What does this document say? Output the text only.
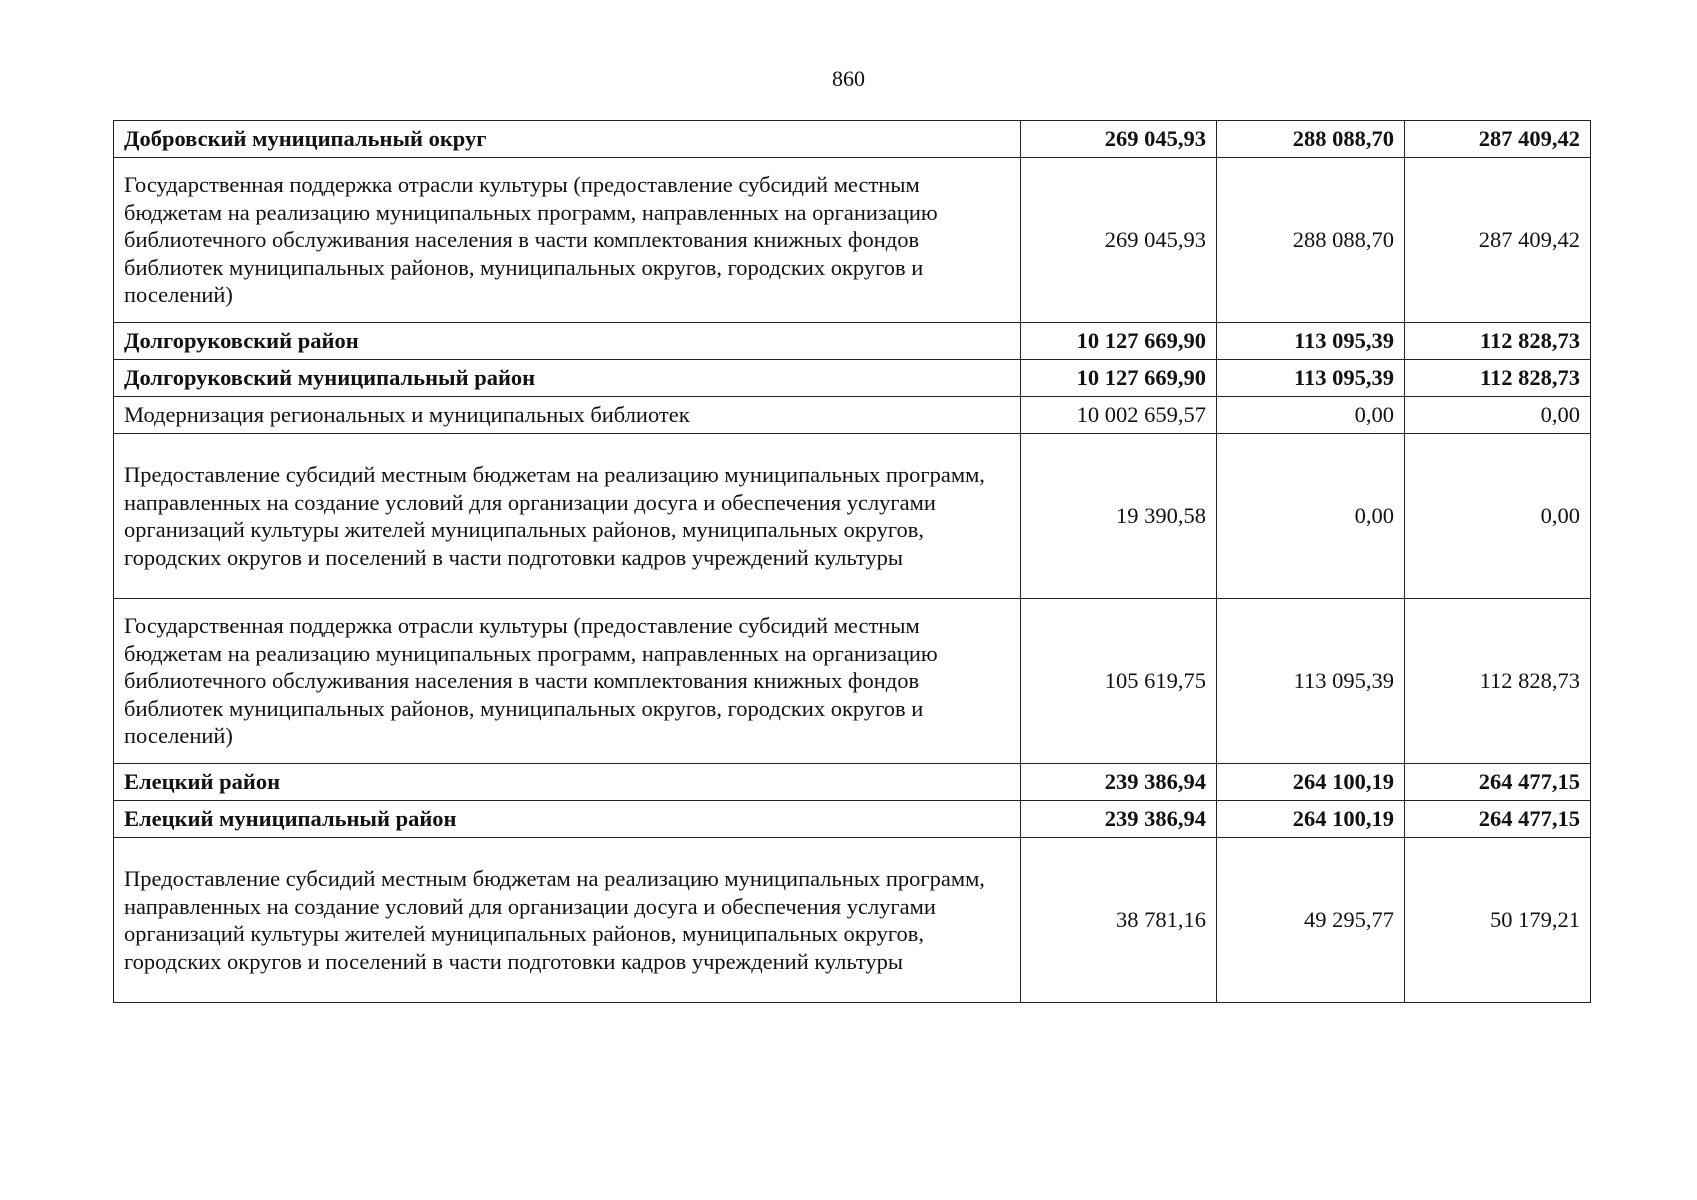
860
Добровский муниципальный округ	269 045,93	288 088,70	287 409,42
Государственная поддержка отрасли культуры (предоставление субсидий местным бюджетам на реализацию муниципальных программ, направленных на организацию библиотечного обслуживания населения в части комплектования книжных фондов библиотек муниципальных районов, муниципальных округов, городских округов и поселений)	269 045,93	288 088,70	287 409,42
Долгоруковский район	10 127 669,90	113 095,39	112 828,73
Долгоруковский муниципальный район	10 127 669,90	113 095,39	112 828,73
Модернизация региональных и муниципальных библиотек	10 002 659,57	0,00	0,00
Предоставление субсидий местным бюджетам на реализацию муниципальных программ, направленных на создание условий для организации досуга и обеспечения услугами организаций культуры жителей муниципальных районов, муниципальных округов, городских округов и поселений в части подготовки кадров учреждений культуры	19 390,58	0,00	0,00
Государственная поддержка отрасли культуры (предоставление субсидий местным бюджетам на реализацию муниципальных программ, направленных на организацию библиотечного обслуживания населения в части комплектования книжных фондов библиотек муниципальных районов, муниципальных округов, городских округов и поселений)	105 619,75	113 095,39	112 828,73
Елецкий район	239 386,94	264 100,19	264 477,15
Елецкий муниципальный район	239 386,94	264 100,19	264 477,15
Предоставление субсидий местным бюджетам на реализацию муниципальных программ, направленных на создание условий для организации досуга и обеспечения услугами организаций культуры жителей муниципальных районов, муниципальных округов, городских округов и поселений в части подготовки кадров учреждений культуры	38 781,16	49 295,77	50 179,21
